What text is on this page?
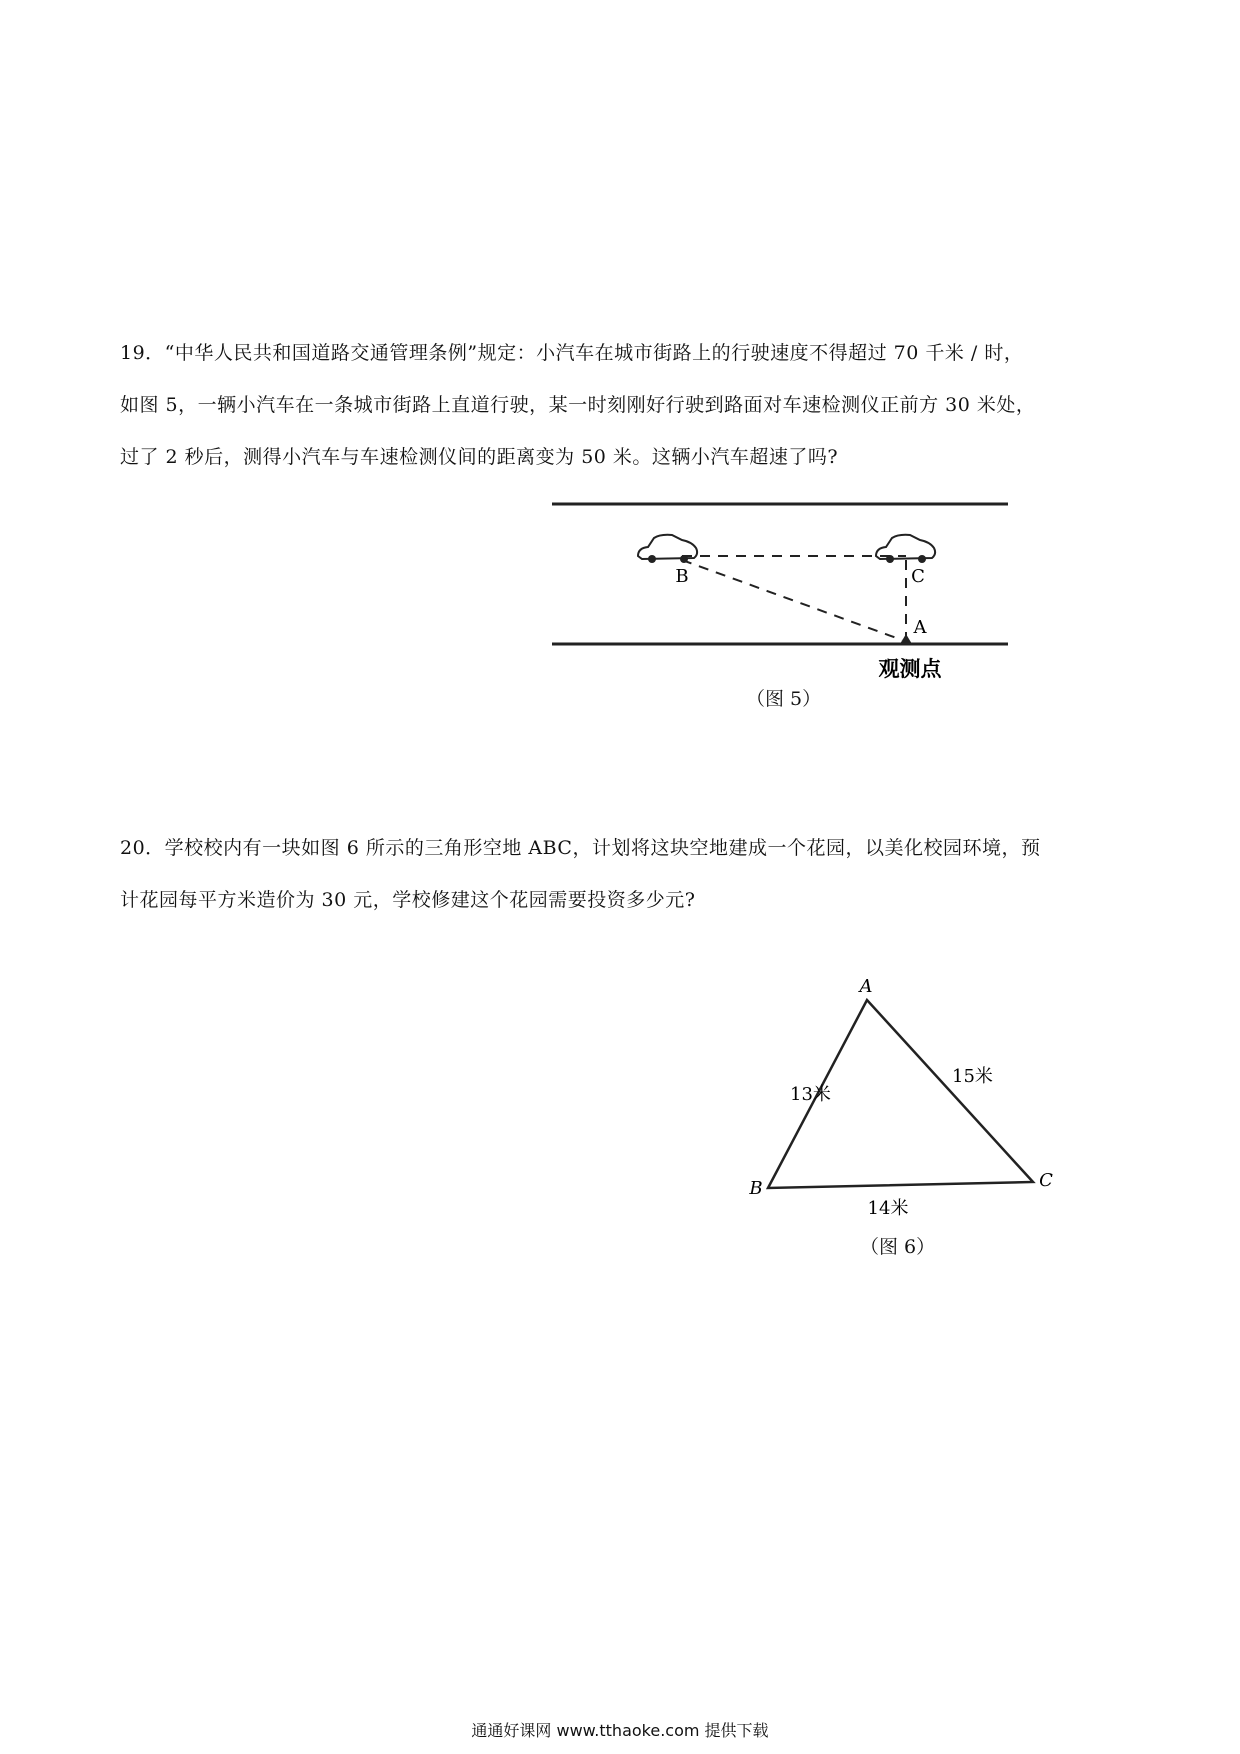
19．“中华人民共和国道路交通管理条例”规定：小汽车在城市街路上的行驶速度不得超过 70 千米 / 时，
如图 5，一辆小汽车在一条城市街路上直道行驶，某一时刻刚好行驶到路面对车速检测仪正前方 30 米处，
过了 2 秒后，测得小汽车与车速检测仪间的距离变为 50 米。这辆小汽车超速了吗?
B	C
A
观测点
（图 5）
20．学校校内有一块如图 6 所示的三角形空地 ABC，计划将这块空地建成一个花园，以美化校园环境，预
计花园每平方米造价为 30 元，学校修建这个花园需要投资多少元?
A
B	C
13米
15米
14米
（图 6）
通通好课网 www.tthaoke.com 提供下载
